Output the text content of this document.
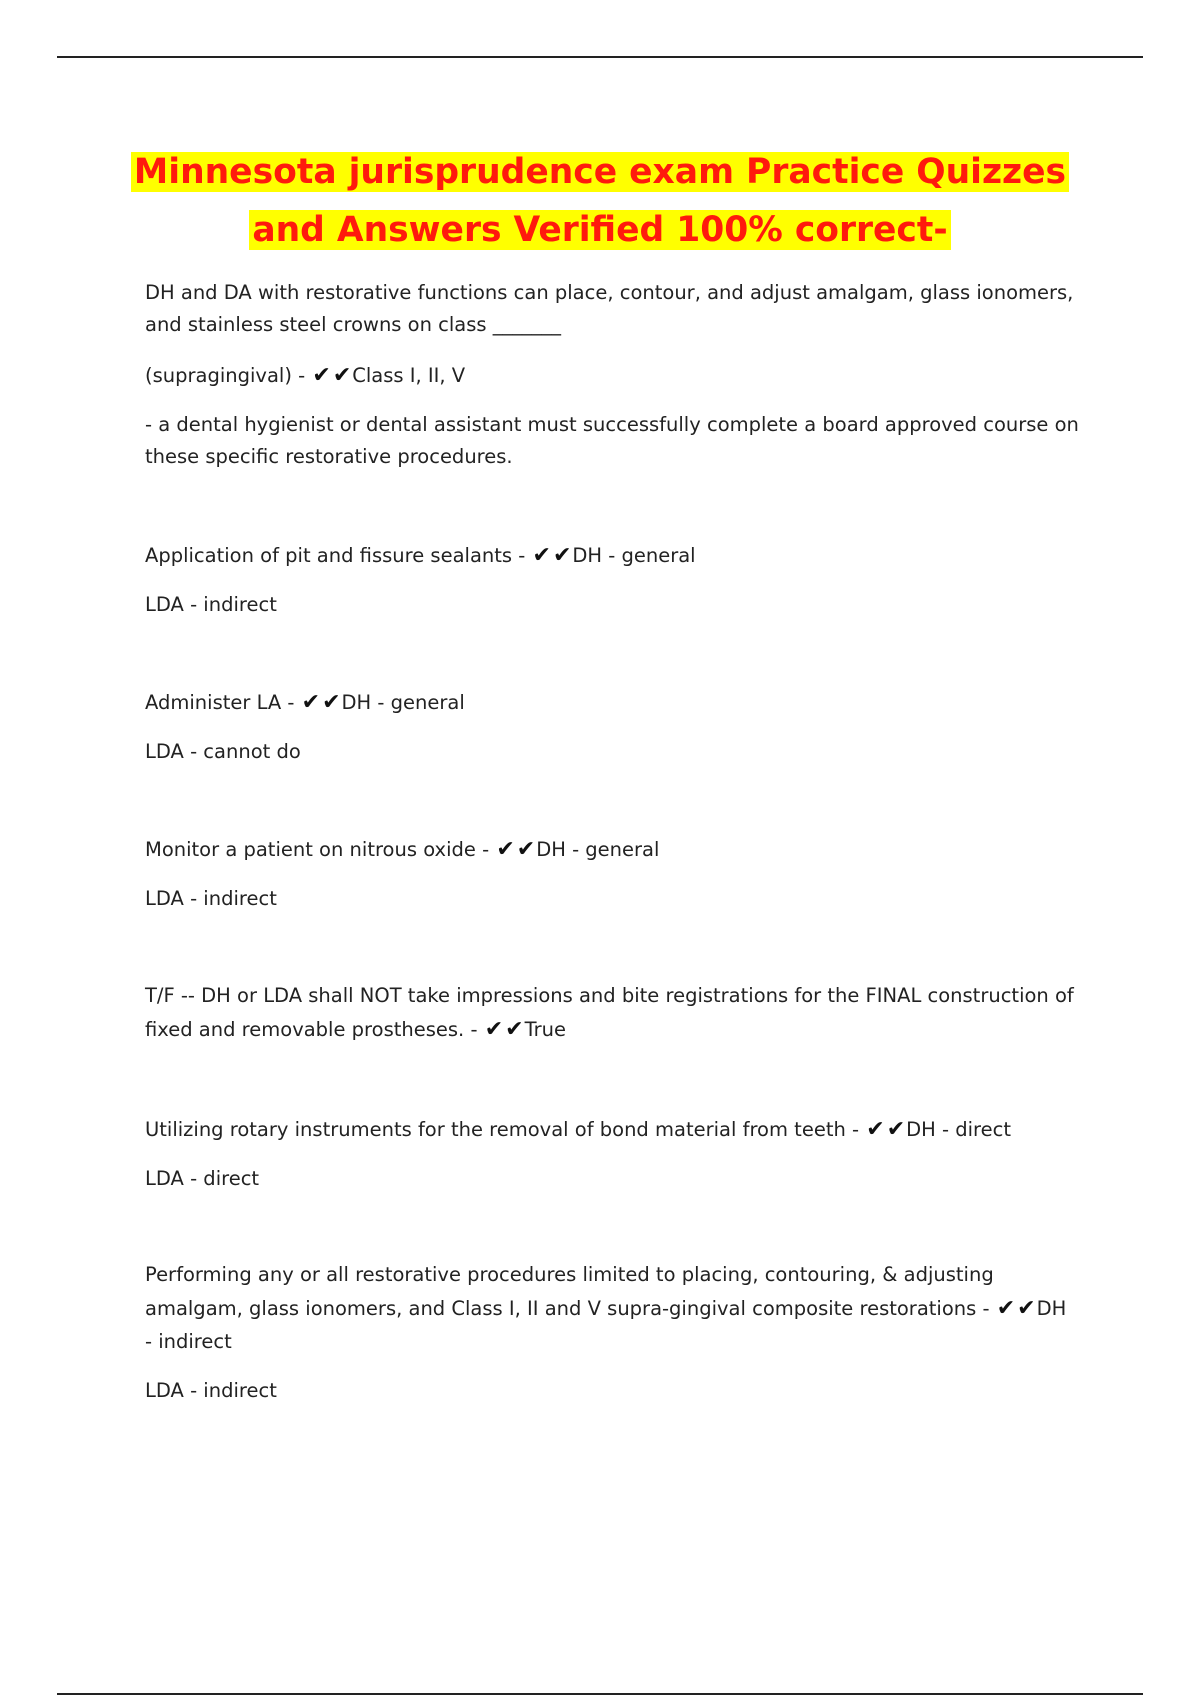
Minnesota jurisprudence exam Practice Quizzes
and Answers Verified 100% correct-

DH and DA with restorative functions can place, contour, and adjust amalgam, glass ionomers,

and stainless steel crowns on class _______

(supragingival) - ✔✔Class I, II, V

- a dental hygienist or dental assistant must successfully complete a board approved course on

these specific restorative procedures.

Application of pit and fissure sealants - ✔✔DH - general

LDA - indirect

Administer LA - ✔✔DH - general

LDA - cannot do

Monitor a patient on nitrous oxide - ✔✔DH - general

LDA - indirect

T/F -- DH or LDA shall NOT take impressions and bite registrations for the FINAL construction of

fixed and removable prostheses. - ✔✔True

Utilizing rotary instruments for the removal of bond material from teeth - ✔✔DH - direct

LDA - direct

Performing any or all restorative procedures limited to placing, contouring, & adjusting

amalgam, glass ionomers, and Class I, II and V supra-gingival composite restorations - ✔✔DH

- indirect

LDA - indirect
